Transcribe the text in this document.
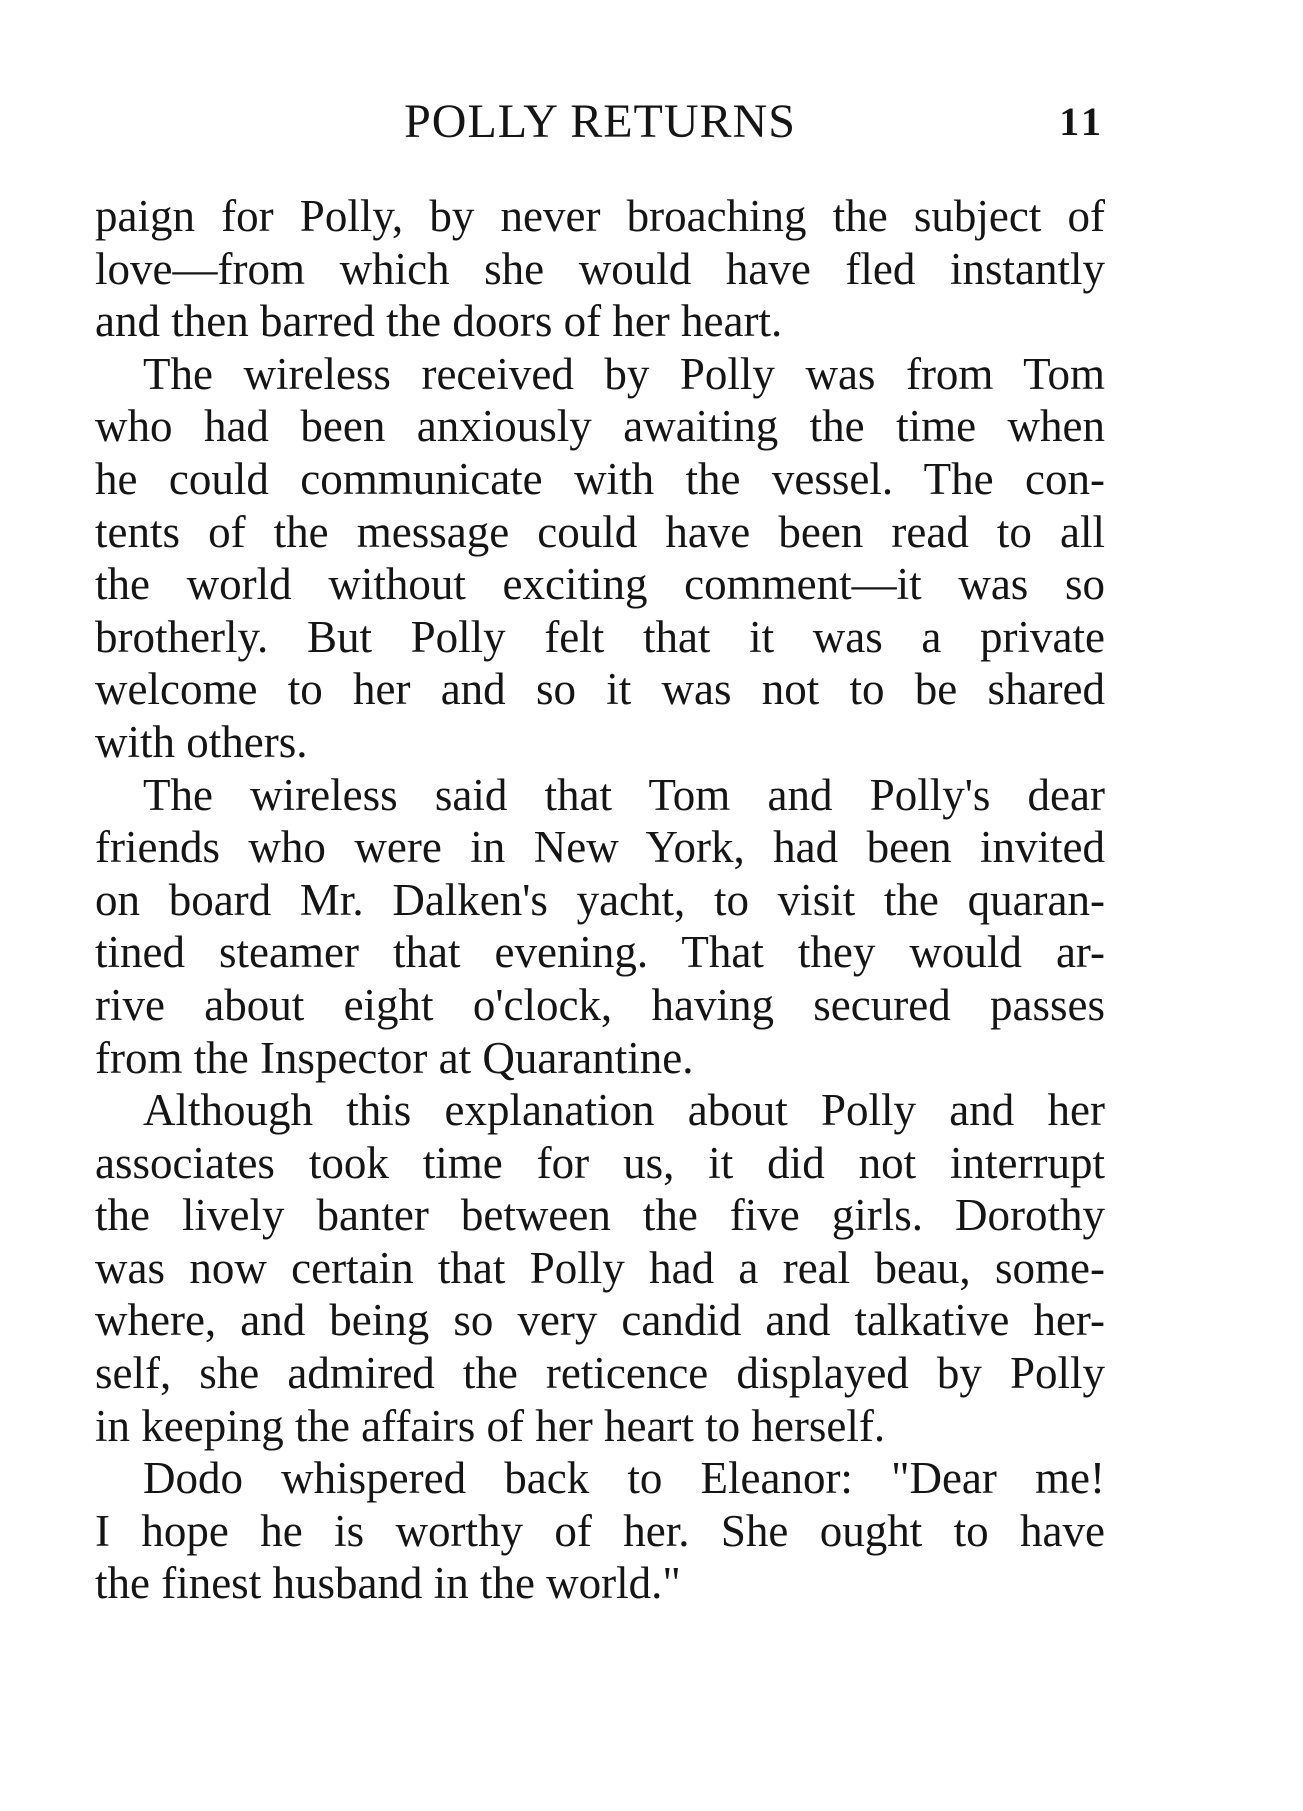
POLLY RETURNS	11
paign for Polly, by never broaching the subject of
love—from which she would have fled instantly
and then barred the doors of her heart.
The wireless received by Polly was from Tom
who had been anxiously awaiting the time when
he could communicate with the vessel. The con-
tents of the message could have been read to all
the world without exciting comment—it was so
brotherly. But Polly felt that it was a private
welcome to her and so it was not to be shared
with others.
The wireless said that Tom and Polly's dear
friends who were in New York, had been invited
on board Mr. Dalken's yacht, to visit the quaran-
tined steamer that evening. That they would ar-
rive about eight o'clock, having secured passes
from the Inspector at Quarantine.
Although this explanation about Polly and her
associates took time for us, it did not interrupt
the lively banter between the five girls. Dorothy
was now certain that Polly had a real beau, some-
where, and being so very candid and talkative her-
self, she admired the reticence displayed by Polly
in keeping the affairs of her heart to herself.
Dodo whispered back to Eleanor: "Dear me!
I hope he is worthy of her. She ought to have
the finest husband in the world."
